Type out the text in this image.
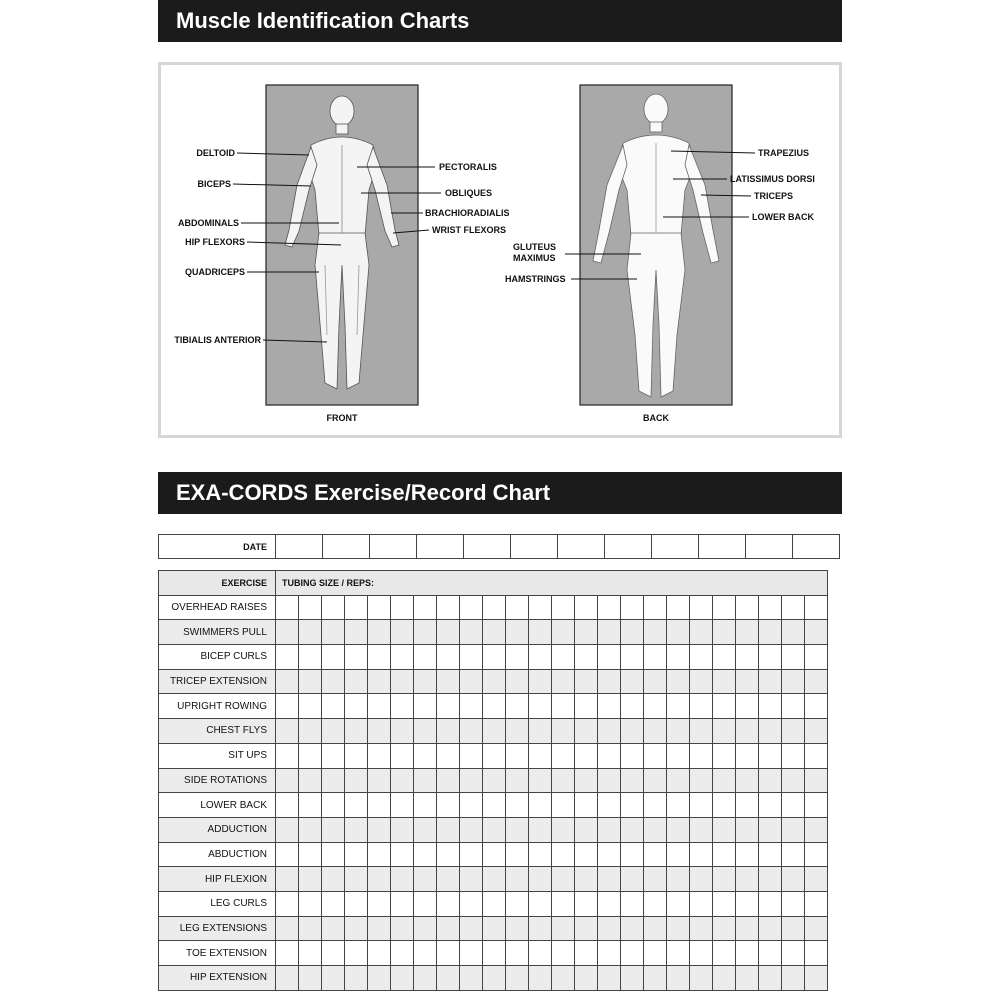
Muscle Identification Charts
FRONT	BACK
DELTOID
BICEPS
ABDOMINALS
HIP FLEXORS
QUADRICEPS
TIBIALIS ANTERIOR
PECTORALIS
OBLIQUES
BRACHIORADIALIS
WRIST FLEXORS
TRAPEZIUS
LATISSIMUS DORSI
TRICEPS
LOWER BACK
GLUTEUS
MAXIMUS
HAMSTRINGS
EXA-CORDS Exercise/Record Chart
DATE												
EXERCISE	TUBING SIZE / REPS:																							
OVERHEAD RAISES																								
SWIMMERS PULL																								
BICEP CURLS																								
TRICEP EXTENSION																								
UPRIGHT ROWING																								
CHEST FLYS																								
SIT UPS																								
SIDE ROTATIONS																								
LOWER BACK																								
ADDUCTION																								
ABDUCTION																								
HIP FLEXION																								
LEG CURLS																								
LEG EXTENSIONS																								
TOE EXTENSION																								
HIP EXTENSION																								
